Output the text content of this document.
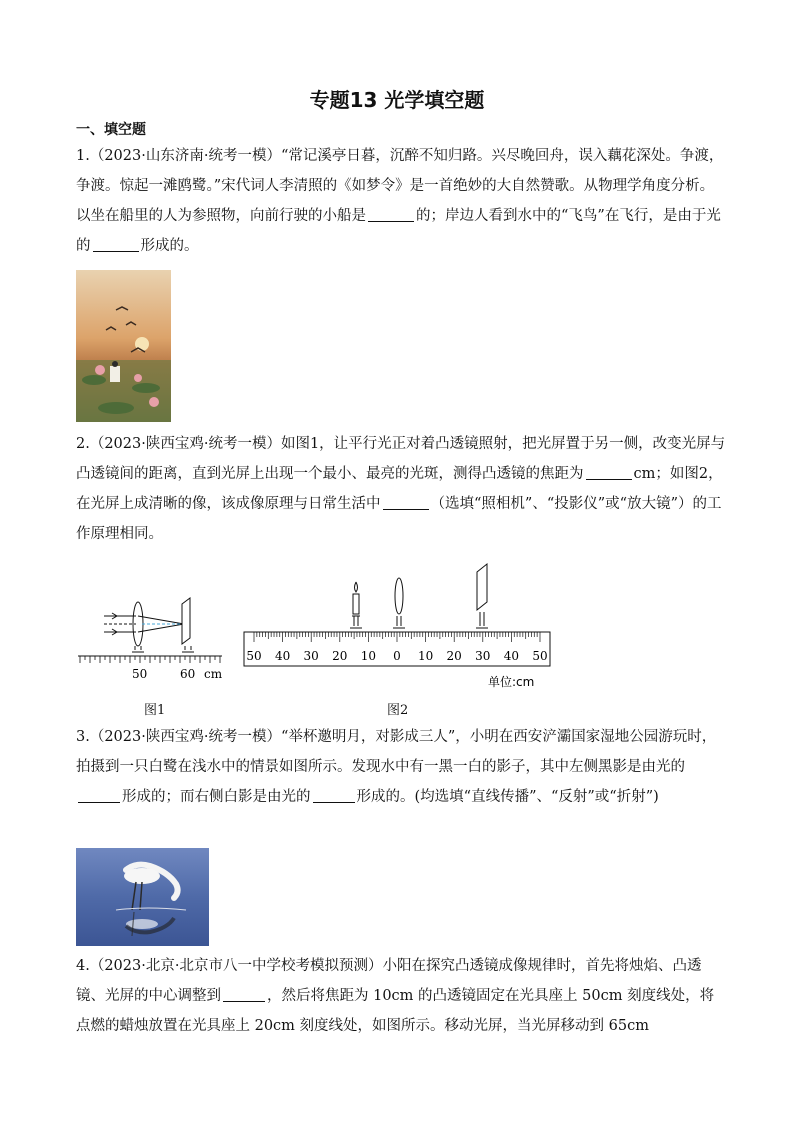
专题13 光学填空题
一、填空题
1.（2023·山东济南·统考一模）“常记溪亭日暮，沉醉不知归路。兴尽晚回舟，误入藕花深处。争渡，争渡。惊起一滩鸥鹭。”宋代词人李清照的《如梦令》是一首绝妙的大自然赞歌。从物理学角度分析。以坐在船里的人为参照物，向前行驶的小船是	的；岸边人看到水中的“飞鸟”在飞行，是由于光的	形成的。
2.（2023·陕西宝鸡·统考一模）如图1，让平行光正对着凸透镜照射，把光屏置于另一侧，改变光屏与凸透镜间的距离，直到光屏上出现一个最小、最亮的光斑，测得凸透镜的焦距为	cm；如图2，在光屏上成清晰的像，该成像原理与日常生活中	（选填“照相机”、“投影仪”或“放大镜”）的工作原理相同。
50	60 cm
图1
50 40 30 20 10 0 10 20 30 40 50
单位:cm
图2
3.（2023·陕西宝鸡·统考一模）“举杯邀明月，对影成三人”，小明在西安浐灞国家湿地公园游玩时，拍摄到一只白鹭在浅水中的情景如图所示。发现水中有一黑一白的影子，其中左侧黑影是由光的形成的；而右侧白影是由光的	形成的。(均选填“直线传播”、“反射”或“折射”)
4.（2023·北京·北京市八一中学校考模拟预测）小阳在探究凸透镜成像规律时，首先将烛焰、凸透镜、光屏的中心调整到	，然后将焦距为 10cm 的凸透镜固定在光具座上 50cm 刻度线处，将点燃的蜡烛放置在光具座上 20cm 刻度线处，如图所示。移动光屏，当光屏移动到 65cm
